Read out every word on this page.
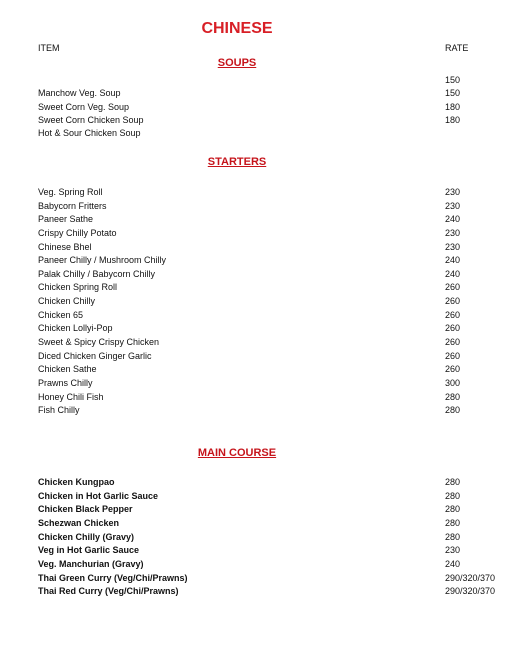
CHINESE
ITEM	RATE
SOUPS
150
Manchow Veg. Soup	150
Sweet Corn Veg. Soup	180
Sweet Corn Chicken Soup	180
Hot & Sour Chicken Soup
STARTERS
Veg. Spring Roll	230
Babycorn Fritters	230
Paneer Sathe	240
Crispy Chilly Potato	230
Chinese Bhel	230
Paneer Chilly / Mushroom Chilly	240
Palak Chilly / Babycorn Chilly	240
Chicken Spring Roll	260
Chicken Chilly	260
Chicken 65	260
Chicken Lollyi-Pop	260
Sweet & Spicy Crispy Chicken	260
Diced Chicken Ginger Garlic	260
Chicken Sathe	260
Prawns Chilly	300
Honey Chili Fish	280
Fish Chilly	280
MAIN COURSE
Chicken Kungpao	280
Chicken in Hot Garlic Sauce	280
Chicken Black Pepper	280
Schezwan Chicken	280
Chicken Chilly (Gravy)	280
Veg in Hot Garlic Sauce	230
Veg. Manchurian (Gravy)	240
Thai Green Curry (Veg/Chi/Prawns)	290/320/370
Thai Red Curry (Veg/Chi/Prawns)	290/320/370
